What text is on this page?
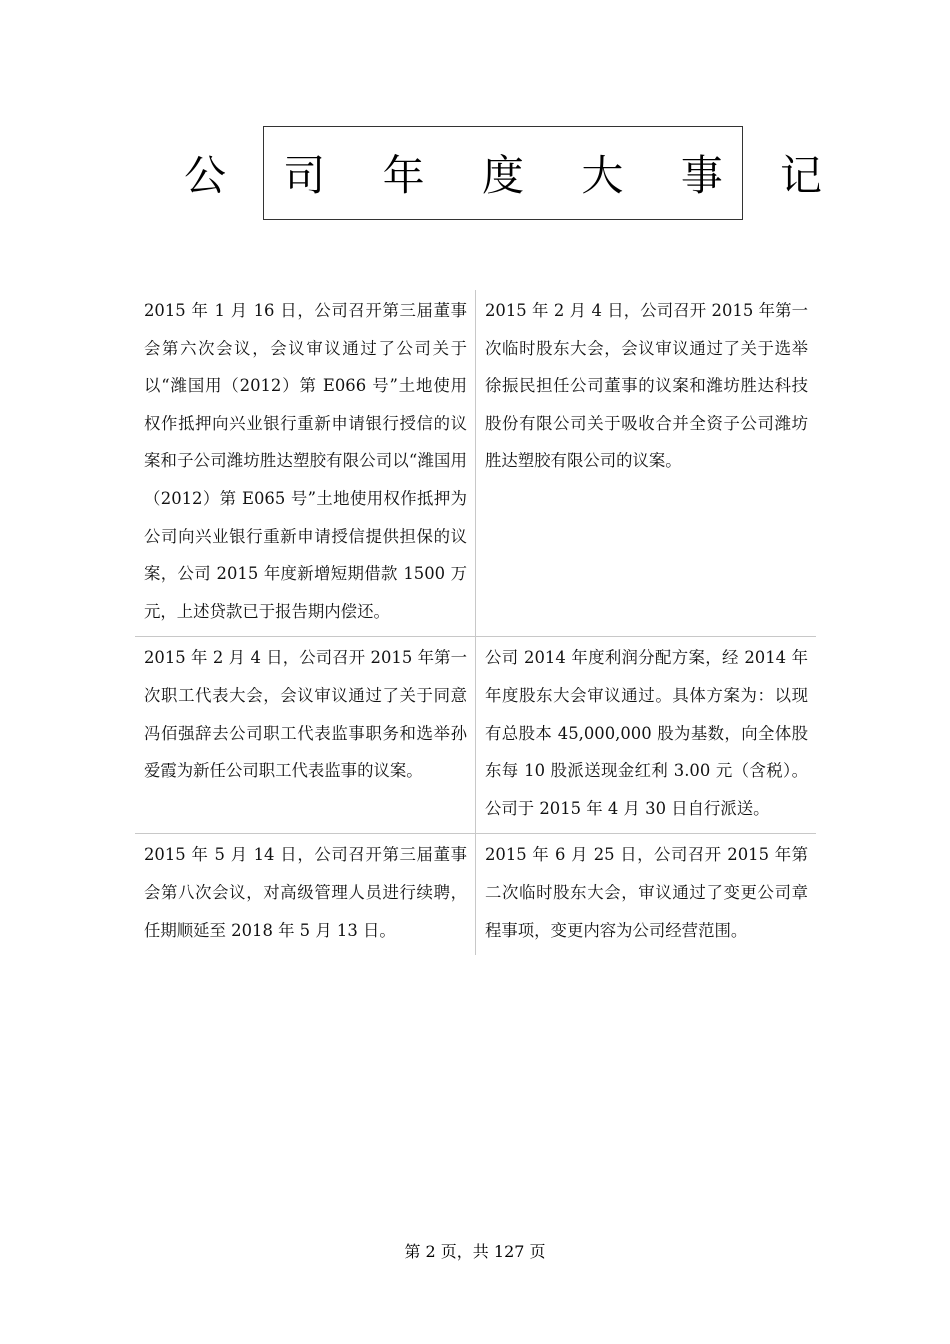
公 司 年 度 大 事 记
2015 年 1 月 16 日，公司召开第三届董事会第六次会议，会议审议通过了公司关于以“潍国用（2012）第 E066 号”土地使用权作抵押向兴业银行重新申请银行授信的议案和子公司潍坊胜达塑胶有限公司以“潍国用（2012）第 E065 号”土地使用权作抵押为公司向兴业银行重新申请授信提供担保的议案，公司 2015 年度新增短期借款 1500 万元，上述贷款已于报告期内偿还。
2015 年 2 月 4 日，公司召开 2015 年第一次临时股东大会，会议审议通过了关于选举徐振民担任公司董事的议案和潍坊胜达科技股份有限公司关于吸收合并全资子公司潍坊胜达塑胶有限公司的议案。
2015 年 2 月 4 日，公司召开 2015 年第一次职工代表大会，会议审议通过了关于同意冯佰强辞去公司职工代表监事职务和选举孙爱霞为新任公司职工代表监事的议案。
公司 2014 年度利润分配方案，经 2014 年年度股东大会审议通过。具体方案为：以现有总股本 45,000,000 股为基数，向全体股东每 10 股派送现金红利 3.00 元（含税）。公司于 2015 年 4 月 30 日自行派送。
2015 年 5 月 14 日，公司召开第三届董事会第八次会议，对高级管理人员进行续聘，任期顺延至 2018 年 5 月 13 日。
2015 年 6 月 25 日，公司召开 2015 年第二次临时股东大会，审议通过了变更公司章程事项，变更内容为公司经营范围。
第 2 页，共 127 页
